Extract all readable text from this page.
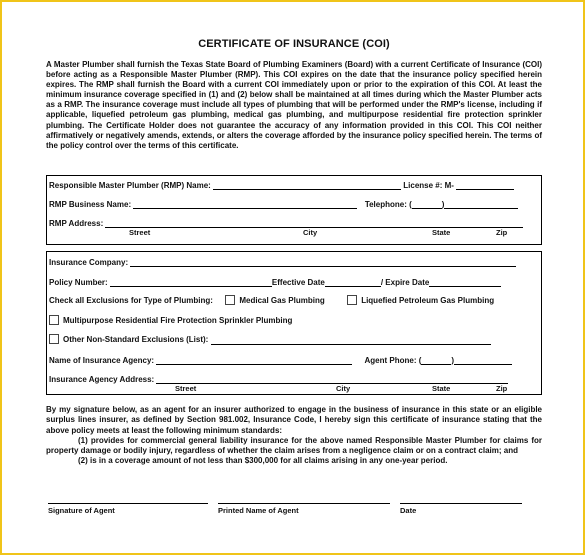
CERTIFICATE OF INSURANCE (COI)
A Master Plumber shall furnish the Texas State Board of Plumbing Examiners (Board) with a current Certificate of Insurance (COI) before acting as a Responsible Master Plumber (RMP). This COI expires on the date that the insurance policy specified herein expires. The RMP shall furnish the Board with a current COI immediately upon or prior to the expiration of this COI. At least the minimum insurance coverage specified in (1) and (2) below shall be maintained at all times during which the Master Plumber acts as a RMP. The insurance coverage must include all types of plumbing that will be performed under the RMP's license, including if applicable, liquefied petroleum gas plumbing, medical gas plumbing, and multipurpose residential fire protection sprinkler plumbing. The Certificate Holder does not guarantee the accuracy of any information provided in this COI. This COI neither affirmatively or negatively amends, extends, or alters the coverage afforded by the insurance policy specified herein. The terms of the policy control over the terms of this certificate.
Responsible Master Plumber (RMP) Name:	License #: M-
RMP Business Name:	Telephone: (	)
RMP Address:
Street	City	State	Zip
Insurance Company:
Policy Number:	Effective Date	/ Expire Date
Check all Exclusions for Type of Plumbing:	Medical Gas Plumbing	Liquefied Petroleum Gas Plumbing
Multipurpose Residential Fire Protection Sprinkler Plumbing
Other Non-Standard Exclusions (List):
Name of Insurance Agency:	Agent Phone: (	)
Insurance Agency Address:
Street	City	State	Zip
By my signature below, as an agent for an insurer authorized to engage in the business of insurance in this state or an eligible surplus lines insurer, as defined by Section 981.002, Insurance Code, I hereby sign this certificate of insurance stating that the above policy meets at least the following minimum standards:
(1) provides for commercial general liability insurance for the above named Responsible Master Plumber for claims for property damage or bodily injury, regardless of whether the claim arises from a negligence claim or on a contract claim; and
(2) is in a coverage amount of not less than $300,000 for all claims arising in any one-year period.
Signature of Agent	Printed Name of Agent	Date
